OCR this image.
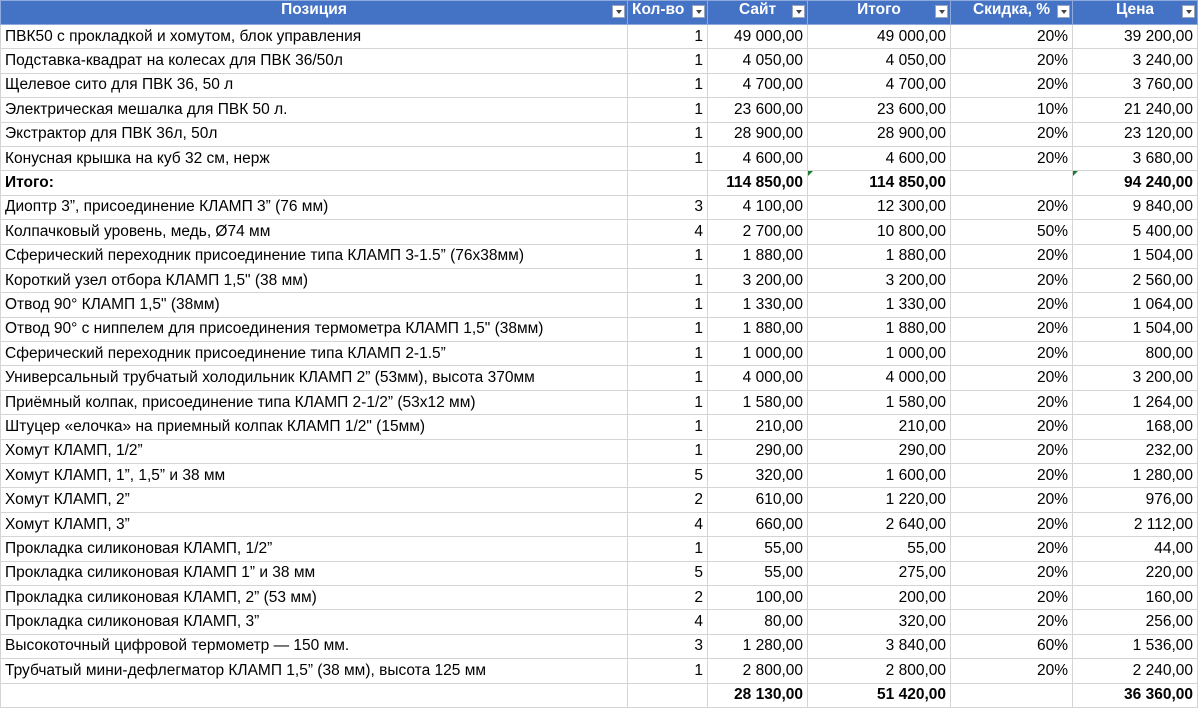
Позиция	Кол-во	Сайт	Итого	Скидка, %	Цена

ПВК50 с прокладкой и хомутом, блок управления	1	49 000,00	49 000,00	20%	39 200,00
Подставка-квадрат на колесах для ПВК 36/50л	1	4 050,00	4 050,00	20%	3 240,00
Щелевое сито для ПВК 36, 50 л	1	4 700,00	4 700,00	20%	3 760,00
Электрическая мешалка для ПВК 50 л.	1	23 600,00	23 600,00	10%	21 240,00
Экстрактор для ПВК 36л, 50л	1	28 900,00	28 900,00	20%	23 120,00
Конусная крышка на куб 32 см, нерж	1	4 600,00	4 600,00	20%	3 680,00
Итого:		114 850,00	114 850,00		94 240,00
Диоптр 3”, присоединение КЛАМП 3” (76 мм)	3	4 100,00	12 300,00	20%	9 840,00
Колпачковый уровень, медь, Ø74 мм	4	2 700,00	10 800,00	50%	5 400,00
Сферический переходник присоединение типа КЛАМП 3-1.5” (76х38мм)	1	1 880,00	1 880,00	20%	1 504,00
Короткий узел отбора КЛАМП 1,5" (38 мм)	1	3 200,00	3 200,00	20%	2 560,00
Отвод 90° КЛАМП 1,5" (38мм)	1	1 330,00	1 330,00	20%	1 064,00
Отвод 90° с ниппелем для присоединения термометра КЛАМП 1,5" (38мм)	1	1 880,00	1 880,00	20%	1 504,00
Сферический переходник присоединение типа КЛАМП 2-1.5”	1	1 000,00	1 000,00	20%	800,00
Универсальный трубчатый холодильник КЛАМП 2” (53мм), высота 370мм	1	4 000,00	4 000,00	20%	3 200,00
Приёмный колпак, присоединение типа КЛАМП 2-1/2” (53х12 мм)	1	1 580,00	1 580,00	20%	1 264,00
Штуцер «елочка» на приемный колпак КЛАМП 1/2" (15мм)	1	210,00	210,00	20%	168,00
Хомут КЛАМП, 1/2”	1	290,00	290,00	20%	232,00
Хомут КЛАМП, 1”, 1,5” и 38 мм	5	320,00	1 600,00	20%	1 280,00
Хомут КЛАМП, 2”	2	610,00	1 220,00	20%	976,00
Хомут КЛАМП, 3”	4	660,00	2 640,00	20%	2 112,00
Прокладка силиконовая КЛАМП, 1/2”	1	55,00	55,00	20%	44,00
Прокладка силиконовая КЛАМП 1” и 38 мм	5	55,00	275,00	20%	220,00
Прокладка силиконовая КЛАМП, 2” (53 мм)	2	100,00	200,00	20%	160,00
Прокладка силиконовая КЛАМП, 3”	4	80,00	320,00	20%	256,00
Высокоточный цифровой термометр — 150 мм.	3	1 280,00	3 840,00	60%	1 536,00
Трубчатый мини-дефлегматор КЛАМП 1,5” (38 мм), высота 125 мм	1	2 800,00	2 800,00	20%	2 240,00
		28 130,00	51 420,00		36 360,00
